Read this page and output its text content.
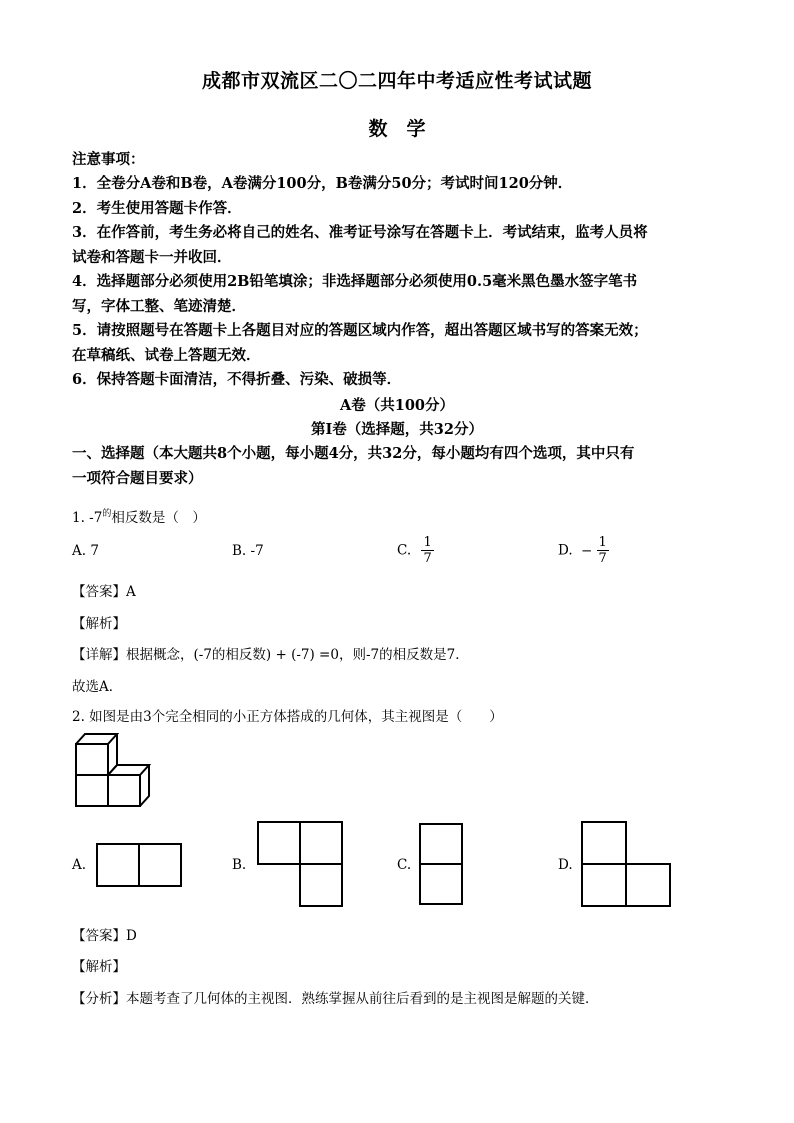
成都市双流区二〇二四年中考适应性考试试题
数　学
注意事项：
1．全卷分A卷和B卷，A卷满分100分，B卷满分50分；考试时间120分钟．
2．考生使用答题卡作答．
3．在作答前，考生务必将自己的姓名、准考证号涂写在答题卡上．考试结束，监考人员将
试卷和答题卡一并收回．
4．选择题部分必须使用2B铅笔填涂；非选择题部分必须使用0.5毫米黑色墨水签字笔书
写，字体工整、笔迹清楚．
5．请按照题号在答题卡上各题目对应的答题区域内作答，超出答题区域书写的答案无效；
在草稿纸、试卷上答题无效．
6．保持答题卡面清洁，不得折叠、污染、破损等．
A卷（共100分）
第Ⅰ卷（选择题，共32分）
一、选择题（本大题共8个小题，每小题4分，共32分，每小题均有四个选项，其中只有
一项符合题目要求）
1. $-7^的$相反数是（　）
A. 7	B. -7	C. $\frac{1}{7}$	D. − $\frac{1}{7}$
【答案】A
【解析】
【详解】根据概念，(-7的相反数) + (-7) =0，则-7的相反数是7．
故选A．
2. 如图是由3个完全相同的小正方体搭成的几何体，其主视图是（　　）
A.	B.	C.	D.
【答案】D
【解析】
【分析】本题考查了几何体的主视图．熟练掌握从前往后看到的是主视图是解题的关键．
